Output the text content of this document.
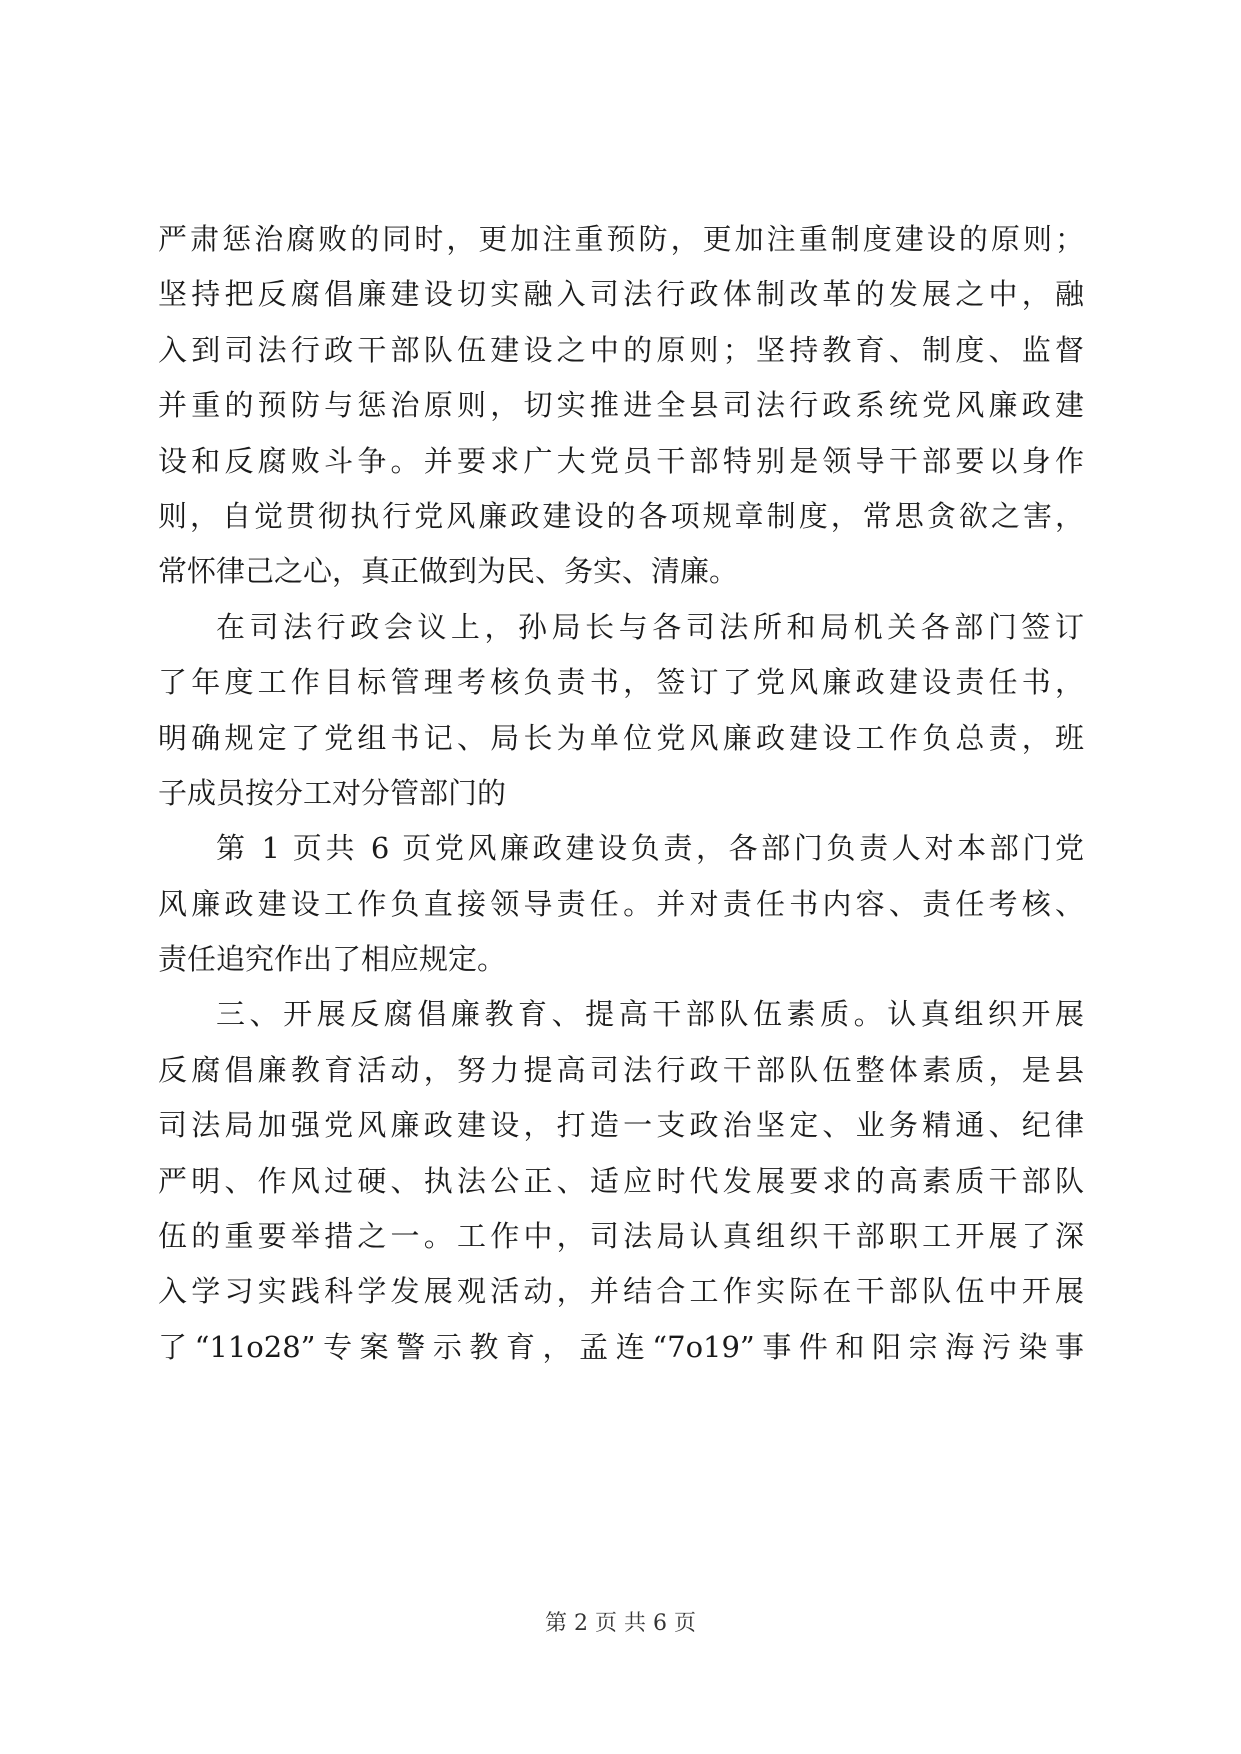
严肃惩治腐败的同时，更加注重预防，更加注重制度建设的原则；
坚持把反腐倡廉建设切实融入司法行政体制改革的发展之中，融
入到司法行政干部队伍建设之中的原则；坚持教育、制度、监督
并重的预防与惩治原则，切实推进全县司法行政系统党风廉政建
设和反腐败斗争。并要求广大党员干部特别是领导干部要以身作
则，自觉贯彻执行党风廉政建设的各项规章制度，常思贪欲之害，
常怀律己之心，真正做到为民、务实、清廉。
在司法行政会议上，孙局长与各司法所和局机关各部门签订
了年度工作目标管理考核负责书，签订了党风廉政建设责任书，
明确规定了党组书记、局长为单位党风廉政建设工作负总责，班
子成员按分工对分管部门的
第 1 页共 6 页党风廉政建设负责，各部门负责人对本部门党
风廉政建设工作负直接领导责任。并对责任书内容、责任考核、
责任追究作出了相应规定。
三、开展反腐倡廉教育、提高干部队伍素质。认真组织开展
反腐倡廉教育活动，努力提高司法行政干部队伍整体素质，是县
司法局加强党风廉政建设，打造一支政治坚定、业务精通、纪律
严明、作风过硬、执法公正、适应时代发展要求的高素质干部队
伍的重要举措之一。工作中，司法局认真组织干部职工开展了深
入学习实践科学发展观活动，并结合工作实际在干部队伍中开展
了“11o28”专案警示教育，孟连“7o19”事件和阳宗海污染事
第 2 页 共 6 页
